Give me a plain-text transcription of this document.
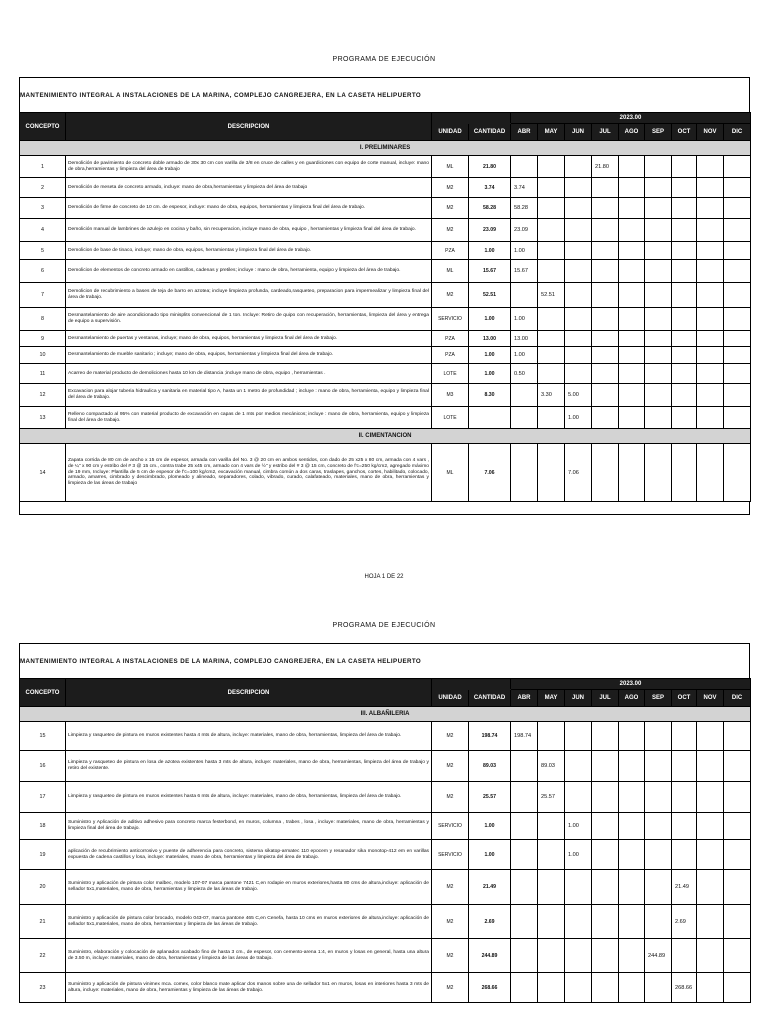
PROGRAMA DE EJECUCIÓN
MANTENIMIENTO INTEGRAL A INSTALACIONES DE LA MARINA, COMPLEJO CANGREJERA, EN LA CASETA HELIPUERTO
CONCEPTO	DESCRIPCION			2023.00								
		UNIDAD	CANTIDAD	ABR	MAY	JUN	JUL	AGO	SEP	OCT	NOV	DIC
I. PRELIMINARES												
1	Demolición de pavimiento de concreto doble armado de 30x 30 cm con varilla de 3/8 en cruce de calles y en guardiciones con equipo de corte manual, incluye: mano de obra,herramientas y limpieza del área de trabajo	ML	21.80				21.80					
2	Demolición de meseta de concreto armado, incluye: mano de obra,herramientas y limpieza del área de trabajo	M2	3.74	3.74								
3	Demolición de firme de concreto de 10 cm. de espesor, incluye: mano de obra, equipos, herramientas y limpieza final del área de trabajo.	M2	58.28	58.28								
4	Demolición manual de lambrines de azulejo en cocina y baño, sin recuperacion, incluye mano de obra, equipo , herramientas y limpieza final del área de trabajo.	M2	23.09	23.09								
5	Demolicion de base de tinaco, incluye; mano de obra, equipos, herramientas y limpieza final del área de trabajo.	PZA	1.00	1.00								
6	Demolicion de elementos de concreto armado en castillos, cadenas y pretiles; incluye : mano de obra, herramienta, equipo y limpieza del área de trabajo.	ML	15.67	15.67								
7	Demolicion de recubrimiento a bases de teja de barro en azotea; incluye limpieza profunda, cardeado,rasqueteo, preparacion para impermealizar y limpieza final del área de trabajo.	M2	52.51		52.51							
8	Desmantelamiento de aire acondicionado tipo minisplits convencional de 1 ton. Incluye: Retiro de quipo con recuperación, herramientas, limpieza del área y entrega de equipo a supervisión.	SERVICIO	1.00	1.00								
9	Desmantelamiento de puertas y ventanas, incluye; mano de obra, equipos, herramientas y limpieza final del área de trabajo.	PZA	13.00	13.00								
10	Desmantelamiento de mueble sanitario ; incluye; mano de obra, equipos, herramientas y limpieza final del área de trabajo.	PZA	1.00	1.00								
11	Acarreo de material producto de demoliciones hasta 10 km de distancia ;incluye mano de obra, equipo , herramientas .	LOTE	1.00	0.50								
12	Excavacion para alojar tuberia hidraulica y sanitaria en material tipo A, hasta un 1 metro de profundidad ; incluye : mano de obra, herramienta, equipo y limpieza final del área de trabajo.	M3	8.30		3.30	5.00						
13	Relleno compactado al 95% con material producto de excavación en capas de 1 mts por medios mecánicos; incluye : mano de obra, herramienta, equipo y limpieza final del área de trabajo.	LOTE				1.00						
II. CIMENTANCION												
14	Zapata corrida de 80 cm de ancho x 15 cm de espesor, armada con varilla del No. 3 @ 20 cm en ambos sentidos, con dado de 25 x25 x 80 cm, armada con 4 vars , de ¼" x 90 cm y estribo del # 3 @ 15 cm., contra trabe 25 x45 cm, armado con 4 vars de ½" y estribo del # 3 @ 15 cm, concreto de f'c=250 kg/cm2, agregado máximo de 19 mm, Incluye: Plantilla de 5 cm de espesor de f'c=100 kg/cm2, excavación manual, cimbra común a dos caras, traslapes, ganchos, cortes, habilitado, colocado, armado, amarres, cimbrado y descimbrado, plomeado y alineado, separadores, colado, vibrado, curado, calafateado, materiales, mano de obra, herramientas y limpieza de las áreas de trabajo	ML	7.06			7.06						
HOJA 1 DE 22
PROGRAMA DE EJECUCIÓN
MANTENIMIENTO INTEGRAL A INSTALACIONES DE LA MARINA, COMPLEJO CANGREJERA, EN LA CASETA HELIPUERTO
CONCEPTO	DESCRIPCION			2023.00								
		UNIDAD	CANTIDAD	ABR	MAY	JUN	JUL	AGO	SEP	OCT	NOV	DIC
III. ALBAÑILERIA												
15	Limpieza y rasqueteo de pintura en muros existentes hasta 4 mts de altura, incluye: materiales, mano de obra, herramientas, limpieza del área de trabajo.	M2	198.74	198.74								
16	Limpieza y rasqueteo de pintura en losa de azotea existentes hasta 3 mts de altura, incluye: materiales, mano de obra, herramientas, limpieza del área de trabajo y retiro del existente.	M2	89.03		89.03							
17	Limpieza y rasqueteo de pintura en muros existentes hasta 6 mts de altura, incluye: materiales, mano de obra, herramientas, limpieza del área de trabajo.	M2	25.57		25.57							
18	Suministro y Aplicación de aditivo adhesivo para concreto marca festerbond, en muros, columna , trabes , losa , incluye: materiales, mano de obra, herramientas y limpieza final del área de trabajo.	SERVICIO	1.00			1.00						
19	aplicación de recubrimiento anticorrosivo y puente de adherencia para concreto, sistema sikatop-armatec 110 epocem y resanador sika monotop-412 em en varillas expuesta de cadena castillos y losa, incluye: materiales, mano de obra, herramientas y limpieza del área de trabajo.	SERVICIO	1.00			1.00						
20	Suministro y aplicación de pintura color malbec, modelo 107-07 marca pantone 7421 C,en rodapie en muros exteriores,hasta 80 cms de altura,incluye: aplicación de sellador 5x1,materiales, mano de obra, herramientas y limpieza de las áreas de trabajo.	M2	21.49							21.49		
21	Suministro y aplicación de pintura color brocado, modelo 043-07, marca pantone 465 C,en Cenefa, hasta 10 cms en muros exteriores de altura,incluye: aplicación de sellador 5x1,materiales, mano de obra, herramientas y limpieza de las áreas de trabajo.	M2	2.69							2.69		
22	Suministro, elaboración y colocación de aplanados acabado fino de hasta 3 cm., de espesor, con cemento-arena 1:4, en muros y losas en general, hasta una altura de 3.50 m, incluye: materiales, mano de obra, herramientas y limpieza de las áreas de trabajo.	M2	244.89						244.89			
23	Suministro y aplicación de pintura vinimex mca. comex, color blanco mate aplicar dos manos sobre una de sellador 5x1 en muros, losas en interiores hasta 3 mts de altura, incluye: materiales, mano de obra, herramientas y limpieza de las áreas de trabajo.	M2	268.66							268.66		
